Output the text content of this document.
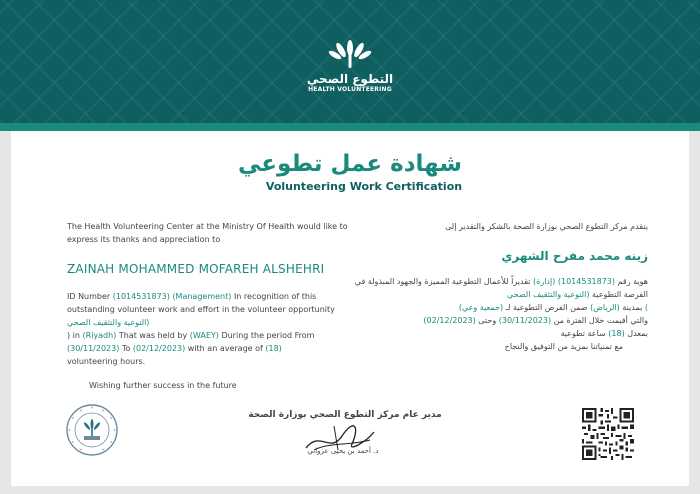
التطوع الصحي
HEALTH VOLUNTEERING
شهادة عمل تطوعي
Volunteering Work Certification

The Health Volunteering Center at the Ministry Of Health would like to express its thanks and appreciation to

ZAINAH MOHAMMED MOFAREH ALSHEHRI

ID Number (1014531873) (Management) In recognition of this outstanding volunteer work and effort in the volunteer opportunity التوعية والتثقيف الصحي)
) in (Riyadh) That was held by (WAEY) During the period From
(30/11/2023) To (02/12/2023) with an average of (18)
volunteering hours.

Wishing further success in the future

يتقدم مركز التطوع الصحي بوزارة الصحة بالشكر والتقدير إلى

زينه محمد مفرح الشهري

هوية رقم (1014531873) (إدارة) تقديراً للأعمال التطوعية المميزة والجهود المبذولة في الفرصة التطوعية (التوعية والتثقيف الصحي
) بمدينة (الرياض) ضمن الفرص التطوعية لـ (جمعية وعي)
والتي أقيمت خلال الفترة من (30/11/2023) وحتى (02/12/2023)
بمعدل (18) ساعة تطوعية

مع تمنياتنا بمزيد من التوفيق والنجاح

مدير عام مركز التطوع الصحي بوزارة الصحة
د. أحمد بن يحيى عزواني
